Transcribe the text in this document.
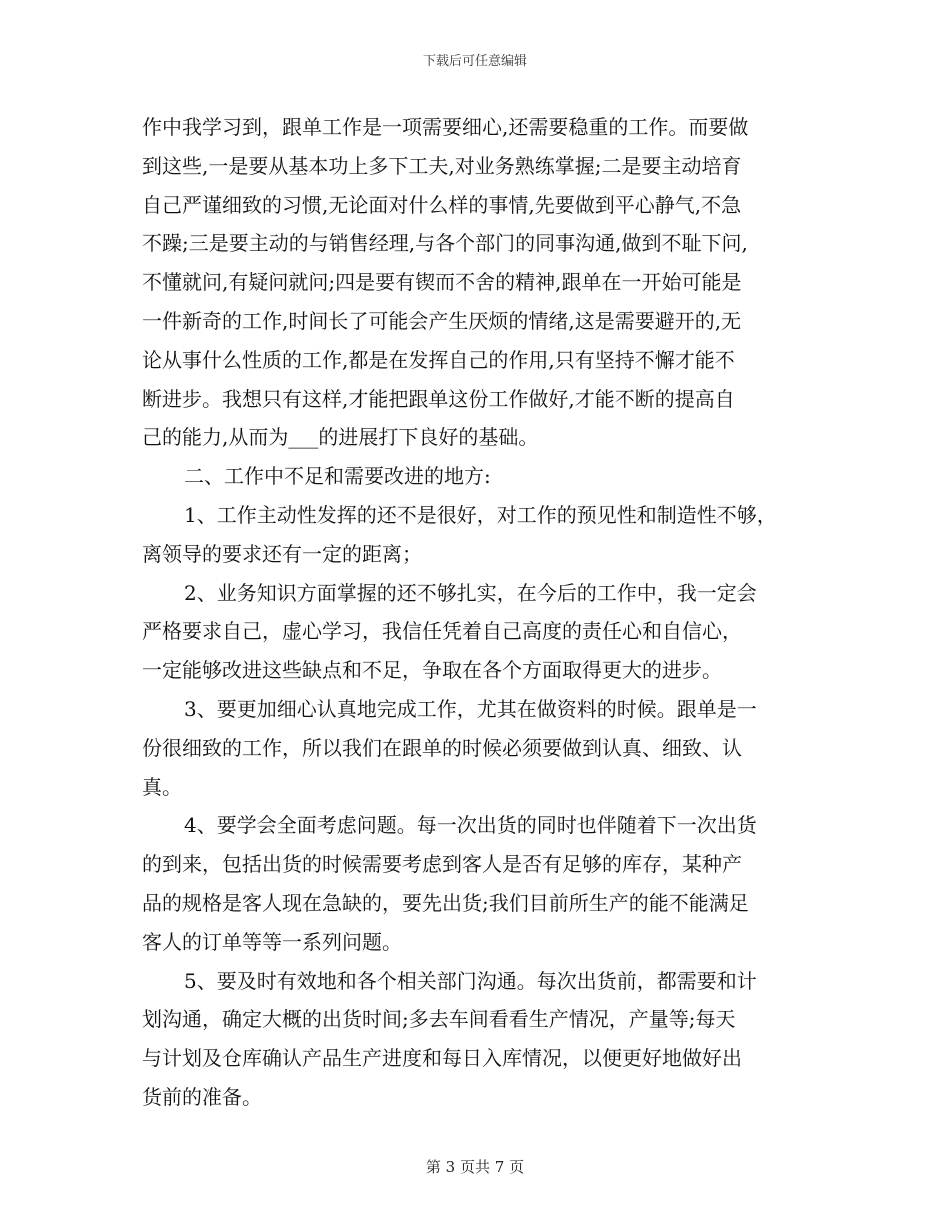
下载后可任意编辑
作中我学习到，跟单工作是一项需要细心,还需要稳重的工作。而要做
到这些,一是要从基本功上多下工夫,对业务熟练掌握;二是要主动培育
自己严谨细致的习惯,无论面对什么样的事情,先要做到平心静气,不急
不躁;三是要主动的与销售经理,与各个部门的同事沟通,做到不耻下问,
不懂就问,有疑问就问;四是要有锲而不舍的精神,跟单在一开始可能是
一件新奇的工作,时间长了可能会产生厌烦的情绪,这是需要避开的,无
论从事什么性质的工作,都是在发挥自己的作用,只有坚持不懈才能不
断进步。我想只有这样,才能把跟单这份工作做好,才能不断的提高自
己的能力,从而为___的进展打下良好的基础。
二、工作中不足和需要改进的地方:
1、工作主动性发挥的还不是很好，对工作的预见性和制造性不够，
离领导的要求还有一定的距离；
2、业务知识方面掌握的还不够扎实，在今后的工作中，我一定会
严格要求自己，虚心学习，我信任凭着自己高度的责任心和自信心，
一定能够改进这些缺点和不足，争取在各个方面取得更大的进步。
3、要更加细心认真地完成工作，尤其在做资料的时候。跟单是一
份很细致的工作，所以我们在跟单的时候必须要做到认真、细致、认
真。
4、要学会全面考虑问题。每一次出货的同时也伴随着下一次出货
的到来，包括出货的时候需要考虑到客人是否有足够的库存，某种产
品的规格是客人现在急缺的，要先出货;我们目前所生产的能不能满足
客人的订单等等一系列问题。
5、要及时有效地和各个相关部门沟通。每次出货前，都需要和计
划沟通，确定大概的出货时间;多去车间看看生产情况，产量等;每天
与计划及仓库确认产品生产进度和每日入库情况，以便更好地做好出
货前的准备。
第 3 页共 7 页
